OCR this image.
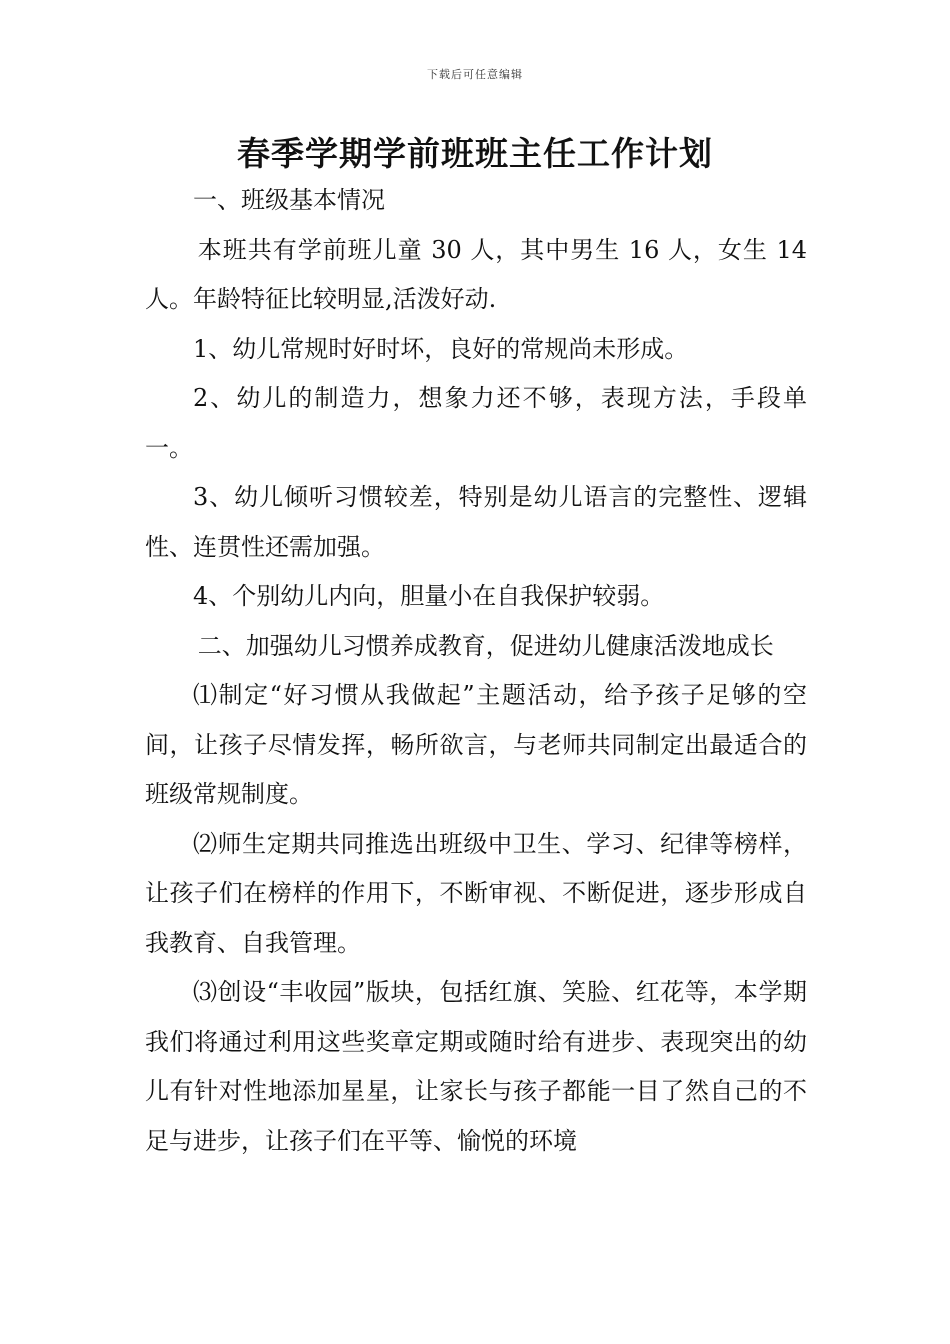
下载后可任意编辑
春季学期学前班班主任工作计划

一、班级基本情况

本班共有学前班儿童 30 人，其中男生 16 人，女生 14 人。年龄特征比较明显,活泼好动.

1、幼儿常规时好时坏，良好的常规尚未形成。

2、幼儿的制造力，想象力还不够，表现方法，手段单一。

3、幼儿倾听习惯较差，特别是幼儿语言的完整性、逻辑性、连贯性还需加强。

4、个别幼儿内向，胆量小在自我保护较弱。

二、加强幼儿习惯养成教育，促进幼儿健康活泼地成长

⑴制定“好习惯从我做起”主题活动，给予孩子足够的空间，让孩子尽情发挥，畅所欲言，与老师共同制定出最适合的班级常规制度。

⑵师生定期共同推选出班级中卫生、学习、纪律等榜样，让孩子们在榜样的作用下，不断审视、不断促进，逐步形成自我教育、自我管理。

⑶创设“丰收园”版块，包括红旗、笑脸、红花等，本学期我们将通过利用这些奖章定期或随时给有进步、表现突出的幼儿有针对性地添加星星，让家长与孩子都能一目了然自己的不足与进步，让孩子们在平等、愉悦的环境
